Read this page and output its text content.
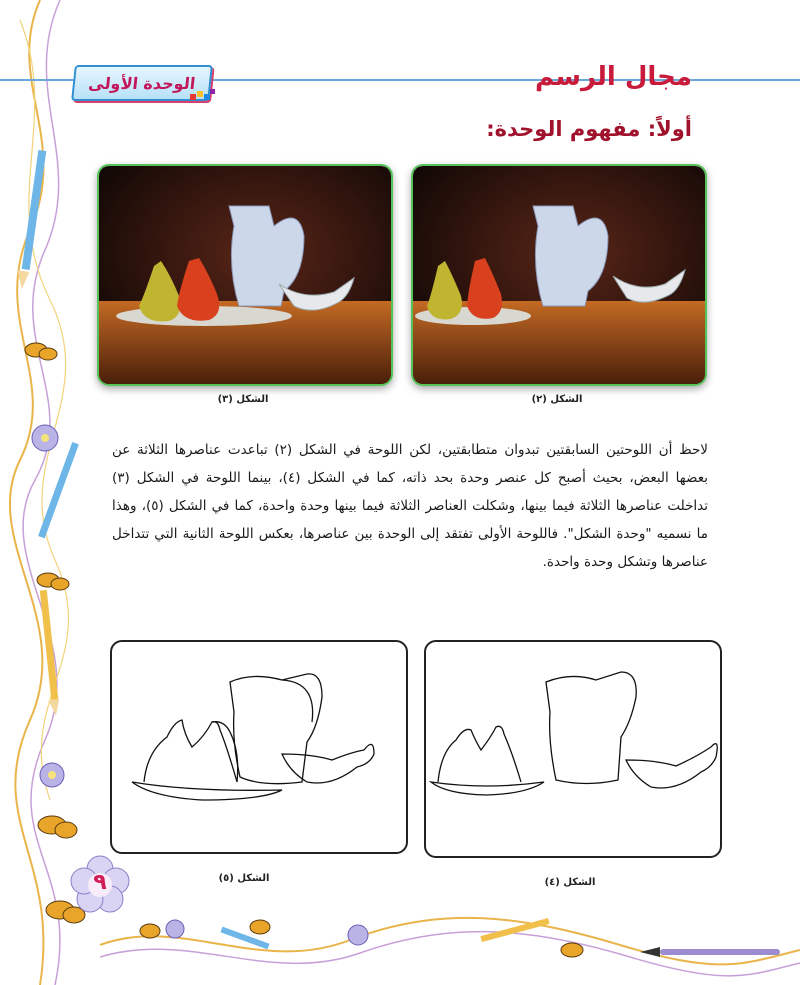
٩
الوحدة الأولى	مجال الرسم
أولاً: مفهوم الوحدة:
الشكل (٣)	الشكل (٢)

لاحظ أن اللوحتين السابقتين تبدوان متطابقتين، لكن اللوحة في الشكل (٢) تباعدت عناصرها الثلاثة عن بعضها البعض، بحيث أصبح كل عنصر وحدة بحد ذاته، كما في الشكل (٤)، بينما اللوحة في الشكل (٣) تداخلت عناصرها الثلاثة فيما بينها، وشكلت العناصر الثلاثة فيما بينها وحدة واحدة، كما في الشكل (٥)، وهذا ما نسميه "وحدة الشكل". فاللوحة الأولى تفتقد إلى الوحدة بين عناصرها، بعكس اللوحة الثانية التي تتداخل عناصرها وتشكل وحدة واحدة.

الشكل (٥)	الشكل (٤)
